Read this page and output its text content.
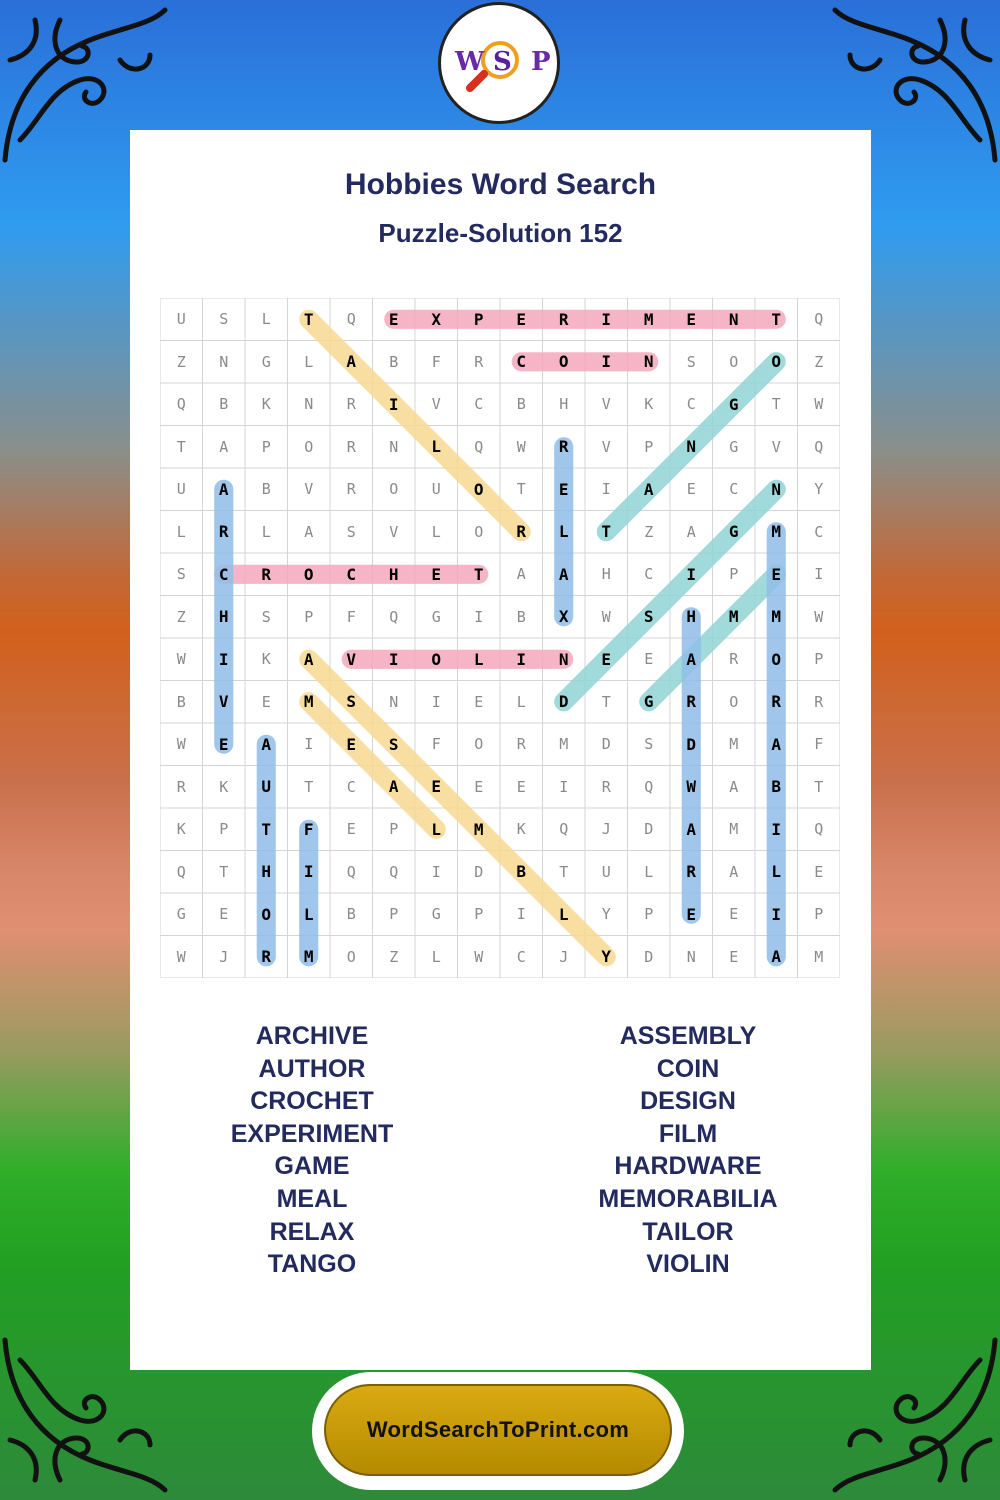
W S P
Hobbies Word Search
Puzzle-Solution 152
U	S	L	T	Q	E	X	P	E	R	I	M	E	N	T	Q
Z	N	G	L	A	B	F	R	C	O	I	N	S	O	O	Z
Q	B	K	N	R	I	V	C	B	H	V	K	C	G	T	W
T	A	P	O	R	N	L	Q	W	R	V	P	N	G	V	Q
U	A	B	V	R	O	U	O	T	E	I	A	E	C	N	Y
L	R	L	A	S	V	L	O	R	L	T	Z	A	G	M	C
S	C	R	O	C	H	E	T	A	A	H	C	I	P	E	I
Z	H	S	P	F	Q	G	I	B	X	W	S	H	M	M	W
W	I	K	A	V	I	O	L	I	N	E	E	A	R	O	P
B	V	E	M	S	N	I	E	L	D	T	G	R	O	R	R
W	E	A	I	E	S	F	O	R	M	D	S	D	M	A	F
R	K	U	T	C	A	E	E	E	I	R	Q	W	A	B	T
K	P	T	F	E	P	L	M	K	Q	J	D	A	M	I	Q
Q	T	H	I	Q	Q	I	D	B	T	U	L	R	A	L	E
G	E	O	L	B	P	G	P	I	L	Y	P	E	E	I	P
W	J	R	M	O	Z	L	W	C	J	Y	D	N	E	A	M
ARCHIVE
AUTHOR
CROCHET
EXPERIMENT
GAME
MEAL
RELAX
TANGO
ASSEMBLY
COIN
DESIGN
FILM
HARDWARE
MEMORABILIA
TAILOR
VIOLIN
WordSearchToPrint.com
